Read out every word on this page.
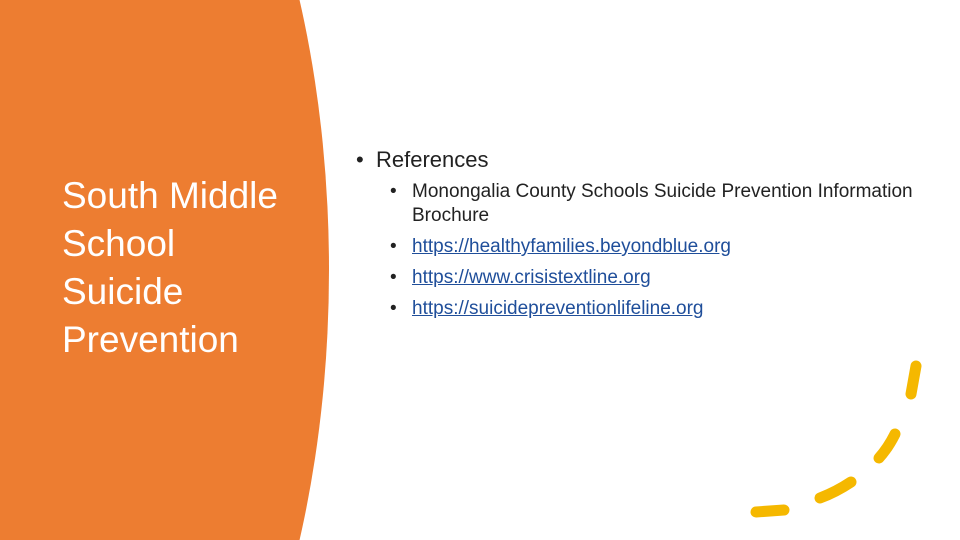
South Middle
School
Suicide
Prevention
• References
• Monongalia County Schools Suicide Prevention Information Brochure
• https://healthyfamilies.beyondblue.org
• https://www.crisistextline.org
• https://suicidepreventionlifeline.org
